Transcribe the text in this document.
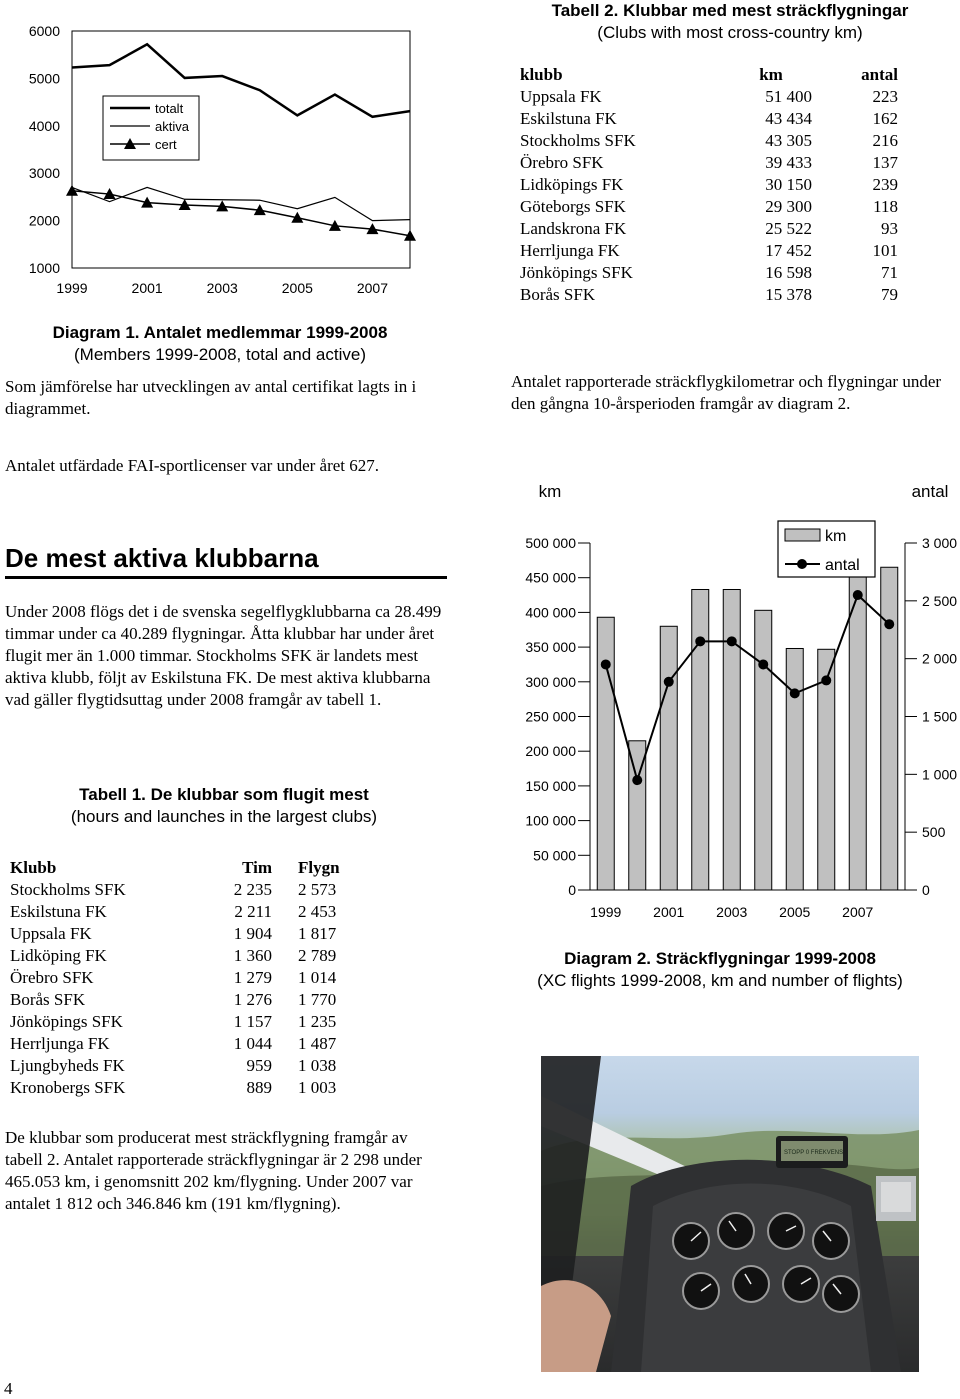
6000
5000
4000
3000
2000
1000
1999	2001	2003	2005	2007
totalt
aktiva
cert
Diagram 1. Antalet medlemmar 1999-2008
(Members 1999-2008, total and active)
Som jämförelse har utvecklingen av antal certifikat lagts in i diagrammet.
Tabell 2. Klubbar med mest sträckflygningar
(Clubs with most cross-country km)
klubb	km	antal
Uppsala FK	51 400	223
Eskilstuna FK	43 434	162
Stockholms SFK	43 305	216
Örebro SFK	39 433	137
Lidköpings FK	30 150	239
Göteborgs SFK	29 300	118
Landskrona FK	25 522	93
Herrljunga FK	17 452	101
Jönköpings SFK	16 598	71
Borås SFK	15 378	79
Antalet rapporterade sträckflygkilometrar och flygningar under den gångna 10-årsperioden framgår av diagram 2.
Antalet utfärdade FAI-sportlicenser var under året 627.
De mest aktiva klubbarna
Under 2008 flögs det i de svenska segelflygklubbarna ca 28.499 timmar under ca 40.289 flygningar. Åtta klubbar har under året flugit mer än 1.000 timmar. Stockholms SFK är landets mest aktiva klubb, följt av Eskilstuna FK. De mest aktiva klubbarna vad gäller flygtidsuttag under 2008 framgår av tabell 1.
Tabell 1. De klubbar som flugit mest
(hours and launches in the largest clubs)
Klubb	Tim	Flygn
Stockholms SFK	2 235	2 573
Eskilstuna FK	2 211	2 453
Uppsala FK	1 904	1 817
Lidköping FK	1 360	2 789
Örebro SFK	1 279	1 014
Borås SFK	1 276	1 770
Jönköpings SFK	1 157	1 235
Herrljunga FK	1 044	1 487
Ljungbyheds FK	959	1 038
Kronobergs SFK	889	1 003
De klubbar som producerat mest sträckflygning framgår av tabell 2. Antalet rapporterade sträckflygningar är 2 298 under 465.053 km, i genomsnitt 202 km/flygning. Under 2007 var antalet 1 812 och 346.846 km (191 km/flygning).
500 000
450 000
400 000
350 000
300 000
250 000
200 000
150 000
100 000
50 000
0
3 000
2 500
2 000
1 500
1 000
500
0
km	antal
1999 2001 2003 2005 2007
km
antal
Diagram 2. Sträckflygningar 1999-2008
(XC flights 1999-2008, km and number of flights)
STOPP 0 FREKVENS
4
